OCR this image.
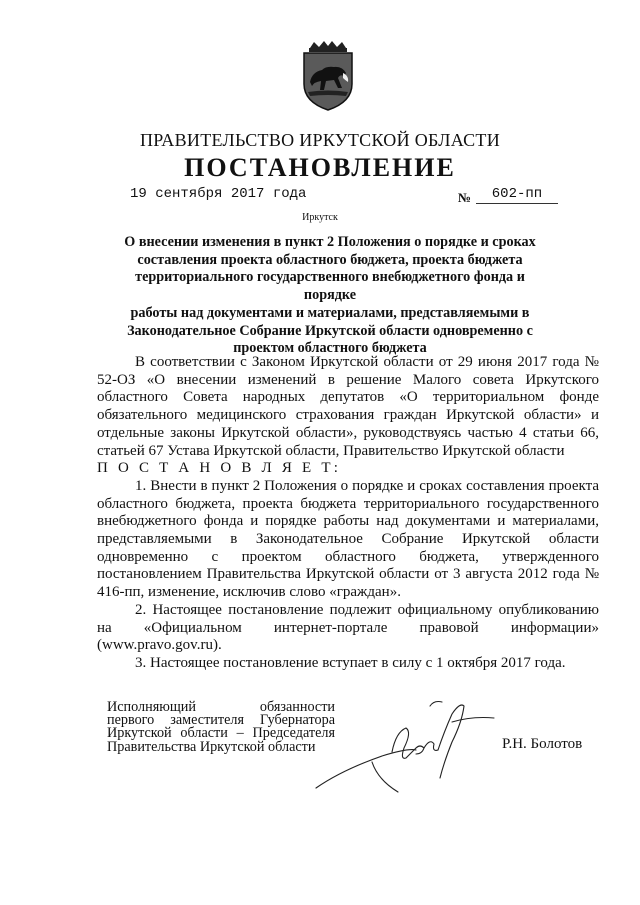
ПРАВИТЕЛЬСТВО ИРКУТСКОЙ ОБЛАСТИ
ПОСТАНОВЛЕНИЕ
19 сентября 2017 года	№	602-пп
Иркутск
О внесении изменения в пункт 2 Положения о порядке и сроках
составления проекта областного бюджета, проекта бюджета
территориального государственного внебюджетного фонда и порядке
работы над документами и материалами, представляемыми в
Законодательное Собрание Иркутской области одновременно с
проектом областного бюджета

В соответствии с Законом Иркутской области от 29 июня 2017 года № 52-ОЗ «О внесении изменений в решение Малого совета Иркутского областного Совета народных депутатов «О территориальном фонде обязательного медицинского страхования граждан Иркутской области» и отдельные законы Иркутской области», руководствуясь частью 4 статьи 66, статьей 67 Устава Иркутской области, Правительство Иркутской области

П О С Т А Н О В Л Я Е Т:

1. Внести в пункт 2 Положения о порядке и сроках составления проекта областного бюджета, проекта бюджета территориального государственного внебюджетного фонда и порядке работы над документами и материалами, представляемыми в Законодательное Собрание Иркутской области одновременно с проектом областного бюджета, утвержденного постановлением Правительства Иркутской области от 3 августа 2012 года № 416-пп, изменение, исключив слово «граждан».

2. Настоящее постановление подлежит официальному опубликованию на «Официальном интернет-портале правовой информации» (www.pravo.gov.ru).

3. Настоящее постановление вступает в силу с 1 октября 2017 года.

Исполняющий обязанности
первого заместителя Губернатора
Иркутской области – Председателя
Правительства Иркутской области	Р.Н. Болотов
